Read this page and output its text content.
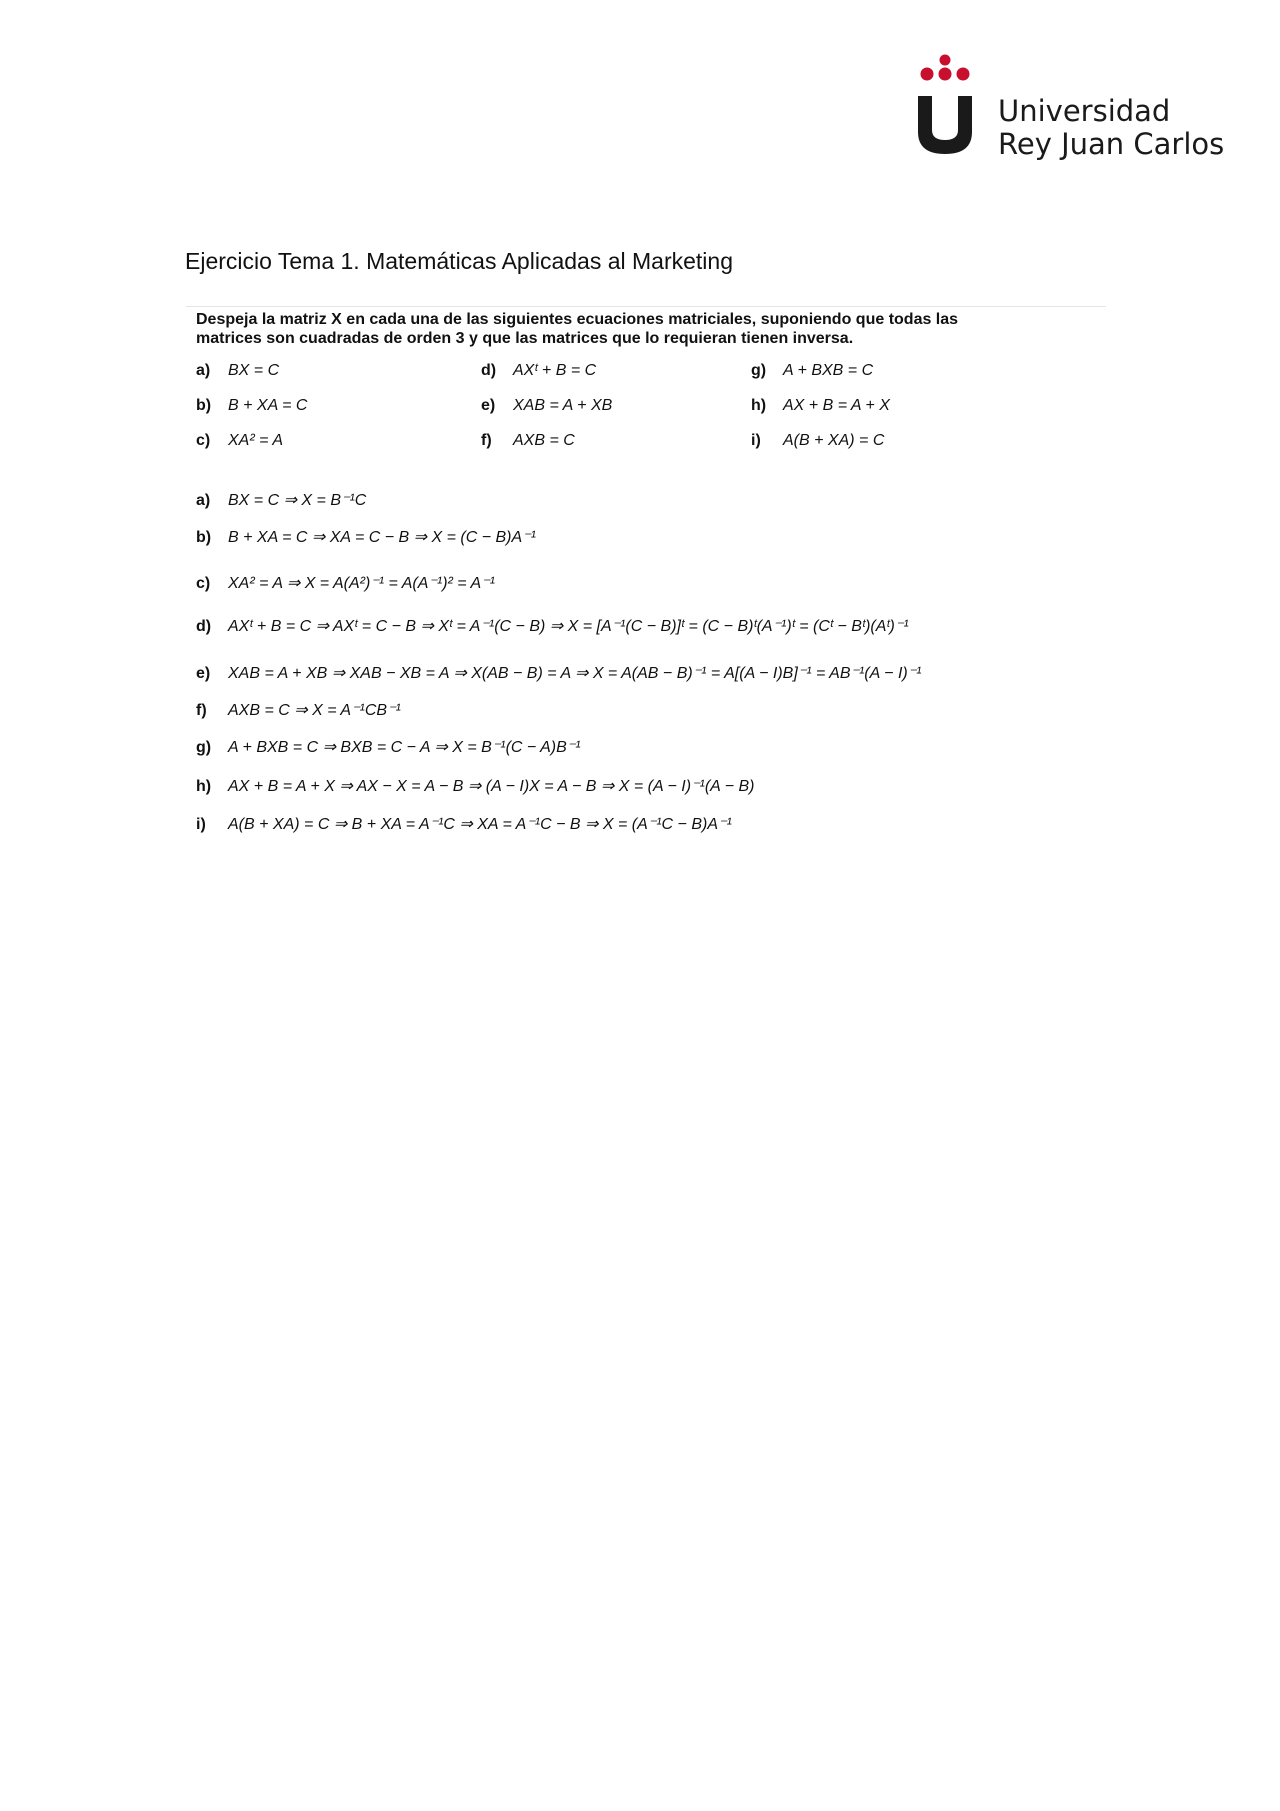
Universidad
Rey Juan Carlos
Ejercicio Tema 1. Matemáticas Aplicadas al Marketing
Despeja la matriz X en cada una de las siguientes ecuaciones matriciales, suponiendo que todas las
matrices son cuadradas de orden 3 y que las matrices que lo requieran tienen inversa.
a) BX = C	d) AXᵗ + B = C	g) A + BXB = C
b) B + XA = C	e) XAB = A + XB	h) AX + B = A + X
c) XA² = A	f) AXB = C	i) A(B + XA) = C
a) BX = C ⇒ X = B⁻¹C
b) B + XA = C ⇒ XA = C − B ⇒ X = (C − B)A⁻¹
c) XA² = A ⇒ X = A(A²)⁻¹ = A(A⁻¹)² = A⁻¹
d) AXᵗ + B = C ⇒ AXᵗ = C − B ⇒ Xᵗ = A⁻¹(C − B) ⇒ X = [A⁻¹(C − B)]ᵗ = (C − B)ᵗ(A⁻¹)ᵗ = (Cᵗ − Bᵗ)(Aᵗ)⁻¹
e) XAB = A + XB ⇒ XAB − XB = A ⇒ X(AB − B) = A ⇒ X = A(AB − B)⁻¹ = A[(A − I)B]⁻¹ = AB⁻¹(A − I)⁻¹
f) AXB = C ⇒ X = A⁻¹CB⁻¹
g) A + BXB = C ⇒ BXB = C − A ⇒ X = B⁻¹(C − A)B⁻¹
h) AX + B = A + X ⇒ AX − X = A − B ⇒ (A − I)X = A − B ⇒ X = (A − I)⁻¹(A − B)
i) A(B + XA) = C ⇒ B + XA = A⁻¹C ⇒ XA = A⁻¹C − B ⇒ X = (A⁻¹C − B)A⁻¹
